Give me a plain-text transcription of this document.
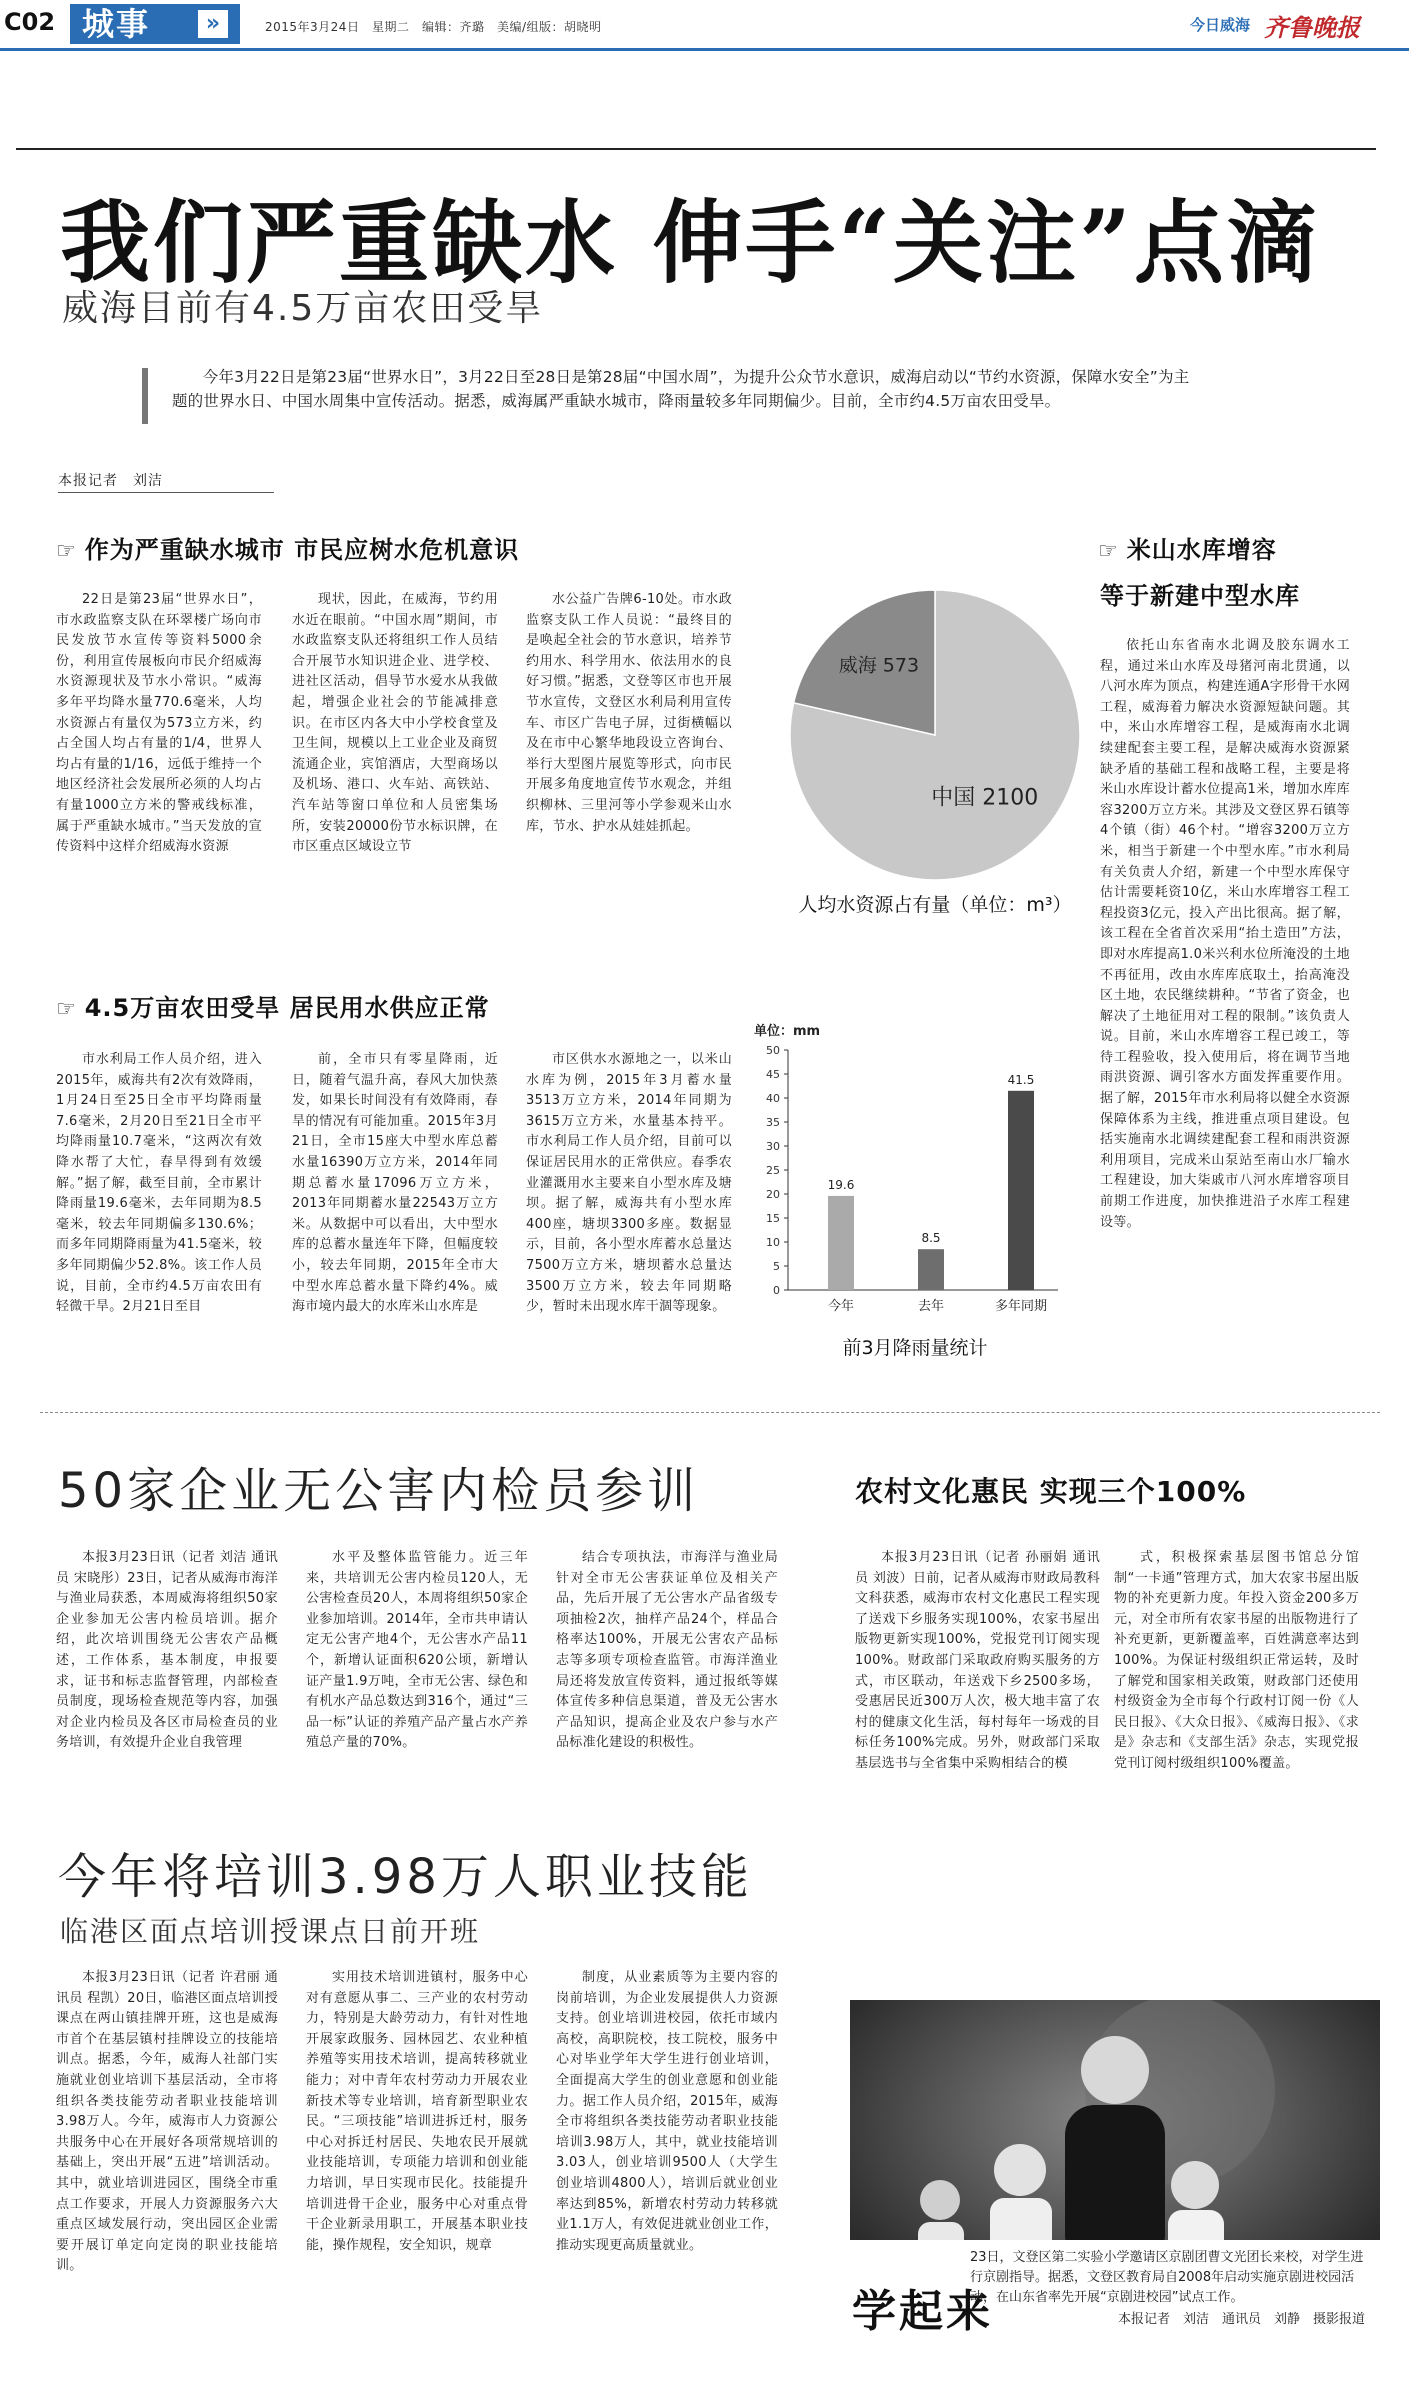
C02 城事	»	2015年3月24日　星期二　编辑：齐璐　美编/组版：胡晓明	今日威海 齐鲁晚报
我们严重缺水 伸手“关注”点滴
威海目前有4.5万亩农田受旱
今年3月22日是第23届“世界水日”，3月22日至28日是第28届“中国水周”，为提升公众节水意识，威海启动以“节约水资源，保障水安全”为主题的世界水日、中国水周集中宣传活动。据悉，威海属严重缺水城市，降雨量较多年同期偏少。目前，全市约4.5万亩农田受旱。
本报记者　刘洁
☞ 作为严重缺水城市 市民应树水危机意识

22日是第23届“世界水日”，市水政监察支队在环翠楼广场向市民发放节水宣传等资料5000余份，利用宣传展板向市民介绍威海水资源现状及节水小常识。“威海多年平均降水量770.6毫米，人均水资源占有量仅为573立方米，约占全国人均占有量的1/4，世界人均占有量的1/16，远低于维持一个地区经济社会发展所必须的人均占有量1000立方米的警戒线标准，属于严重缺水城市。”当天发放的宣传资料中这样介绍威海水资源

现状，因此，在威海，节约用水近在眼前。“中国水周”期间，市水政监察支队还将组织工作人员结合开展节水知识进企业、进学校、进社区活动，倡导节水爱水从我做起，增强企业社会的节能减排意识。在市区内各大中小学校食堂及卫生间，规模以上工业企业及商贸流通企业，宾馆酒店，大型商场以及机场、港口、火车站、高铁站、汽车站等窗口单位和人员密集场所，安装20000份节水标识牌，在市区重点区域设立节

水公益广告牌6-10处。市水政监察支队工作人员说：“最终目的是唤起全社会的节水意识，培养节约用水、科学用水、依法用水的良好习惯。”据悉，文登等区市也开展节水宣传，文登区水利局利用宣传车、市区广告电子屏，过街横幅以及在市中心繁华地段设立咨询台、举行大型图片展览等形式，向市民开展多角度地宣传节水观念，并组织柳林、三里河等小学参观米山水库，节水、护水从娃娃抓起。

中国 2100
威海 573
人均水资源占有量（单位：m³）
☞ 4.5万亩农田受旱 居民用水供应正常

市水利局工作人员介绍，进入2015年，威海共有2次有效降雨，1月24日至25日全市平均降雨量7.6毫米，2月20日至21日全市平均降雨量10.7毫米，“这两次有效降水帮了大忙，春旱得到有效缓解。”据了解，截至目前，全市累计降雨量19.6毫米，去年同期为8.5毫米，较去年同期偏多130.6%；而多年同期降雨量为41.5毫米，较多年同期偏少52.8%。该工作人员说，目前，全市约4.5万亩农田有轻微干旱。2月21日至目

前，全市只有零星降雨，近日，随着气温升高，春风大加快蒸发，如果长时间没有有效降雨，春旱的情况有可能加重。2015年3月21日，全市15座大中型水库总蓄水量16390万立方米，2014年同期总蓄水量17096万立方米，2013年同期蓄水量22543万立方米。从数据中可以看出，大中型水库的总蓄水量连年下降，但幅度较小，较去年同期，2015年全市大中型水库总蓄水量下降约4%。威海市境内最大的水库米山水库是

市区供水水源地之一，以米山水库为例，2015年3月蓄水量3513万立方米，2014年同期为3615万立方米，水量基本持平。市水利局工作人员介绍，目前可以保证居民用水的正常供应。春季农业灌溉用水主要来自小型水库及塘坝。据了解，威海共有小型水库400座，塘坝3300多座。数据显示，目前，各小型水库蓄水总量达7500万立方米，塘坝蓄水总量达3500万立方米，较去年同期略少，暂时未出现水库干涸等现象。

单位：mm
0
5
10
15
20
25
30
35
40
45
50
19.6
今年
8.5
去年
41.5
多年同期
前3月降雨量统计
☞ 米山水库增容
等于新建中型水库

依托山东省南水北调及胶东调水工程，通过米山水库及母猪河南北贯通，以八河水库为顶点，构建连通A字形骨干水网工程，威海着力解决水资源短缺问题。其中，米山水库增容工程，是威海南水北调续建配套主要工程，是解决威海水资源紧缺矛盾的基础工程和战略工程，主要是将米山水库设计蓄水位提高1米，增加水库库容3200万立方米。其涉及文登区界石镇等4个镇（街）46个村。“增容3200万立方米，相当于新建一个中型水库。”市水利局有关负责人介绍，新建一个中型水库保守估计需要耗资10亿，米山水库增容工程工程投资3亿元，投入产出比很高。据了解，该工程在全省首次采用“抬土造田”方法，即对水库提高1.0米兴利水位所淹没的土地不再征用，改由水库库底取土，抬高淹没区土地，农民继续耕种。“节省了资金，也解决了土地征用对工程的限制。”该负责人说。目前，米山水库增容工程已竣工，等待工程验收，投入使用后，将在调节当地雨洪资源、调引客水方面发挥重要作用。据了解，2015年市水利局将以健全水资源保障体系为主线，推进重点项目建设。包括实施南水北调续建配套工程和雨洪资源利用项目，完成米山泵站至南山水厂输水工程建设，加大柒戚市八河水库增容项目前期工作进度，加快推进沿子水库工程建设等。

50家企业无公害内检员参训

本报3月23日讯（记者 刘洁 通讯员 宋晓彤）23日，记者从威海市海洋与渔业局获悉，本周威海将组织50家企业参加无公害内检员培训。据介绍，此次培训围绕无公害农产品概述，工作体系，基本制度，申报要求，证书和标志监督管理，内部检查员制度，现场检查规范等内容，加强对企业内检员及各区市局检查员的业务培训，有效提升企业自我管理

水平及整体监管能力。近三年来，共培训无公害内检员120人，无公害检查员20人，本周将组织50家企业参加培训。2014年，全市共申请认定无公害产地4个，无公害水产品11个，新增认证面积620公顷，新增认证产量1.9万吨，全市无公害、绿色和有机水产品总数达到316个，通过“三品一标”认证的养殖产品产量占水产养殖总产量的70%。

结合专项执法，市海洋与渔业局针对全市无公害获证单位及相关产品，先后开展了无公害水产品省级专项抽检2次，抽样产品24个，样品合格率达100%，开展无公害农产品标志等多项专项检查监管。市海洋渔业局还将发放宣传资料，通过报纸等媒体宣传多种信息渠道，普及无公害水产品知识，提高企业及农户参与水产品标准化建设的积极性。

农村文化惠民 实现三个100%

本报3月23日讯（记者 孙丽娟 通讯员 刘波）日前，记者从威海市财政局教科文科获悉，威海市农村文化惠民工程实现了送戏下乡服务实现100%，农家书屋出版物更新实现100%，党报党刊订阅实现100%。财政部门采取政府购买服务的方式，市区联动，年送戏下乡2500多场，受惠居民近300万人次，极大地丰富了农村的健康文化生活，每村每年一场戏的目标任务100%完成。另外，财政部门采取基层选书与全省集中采购相结合的模

式，积极探索基层图书馆总分馆制“一卡通”管理方式，加大农家书屋出版物的补充更新力度。年投入资金200多万元，对全市所有农家书屋的出版物进行了补充更新，更新覆盖率，百姓满意率达到100%。为保证村级组织正常运转，及时了解党和国家相关政策，财政部门还使用村级资金为全市每个行政村订阅一份《人民日报》、《大众日报》、《威海日报》、《求是》杂志和《支部生活》杂志，实现党报党刊订阅村级组织100%覆盖。

今年将培训3.98万人职业技能
临港区面点培训授课点日前开班

本报3月23日讯（记者 许君丽 通讯员 程凯）20日，临港区面点培训授课点在两山镇挂牌开班，这也是威海市首个在基层镇村挂牌设立的技能培训点。据悉，今年，威海人社部门实施就业创业培训下基层活动，全市将组织各类技能劳动者职业技能培训3.98万人。今年，威海市人力资源公共服务中心在开展好各项常规培训的基础上，突出开展“五进”培训活动。其中，就业培训进园区，围绕全市重点工作要求，开展人力资源服务六大重点区域发展行动，突出园区企业需要开展订单定向定岗的职业技能培训。

实用技术培训进镇村，服务中心对有意愿从事二、三产业的农村劳动力，特别是大龄劳动力，有针对性地开展家政服务、园林园艺、农业种植养殖等实用技术培训，提高转移就业能力；对中青年农村劳动力开展农业新技术等专业培训，培育新型职业农民。“三项技能”培训进拆迁村，服务中心对拆迁村居民、失地农民开展就业技能培训，专项能力培训和创业能力培训，早日实现市民化。技能提升培训进骨干企业，服务中心对重点骨干企业新录用职工，开展基本职业技能，操作规程，安全知识，规章

制度，从业素质等为主要内容的岗前培训，为企业发展提供人力资源支持。创业培训进校园，依托市域内高校，高职院校，技工院校，服务中心对毕业学年大学生进行创业培训，全面提高大学生的创业意愿和创业能力。据工作人员介绍，2015年，威海全市将组织各类技能劳动者职业技能培训3.98万人，其中，就业技能培训3.03人，创业培训9500人（大学生创业培训4800人），培训后就业创业率达到85%，新增农村劳动力转移就业1.1万人，有效促进就业创业工作，推动实现更高质量就业。

学起来
23日，文登区第二实验小学邀请区京剧团曹文光团长来校，对学生进行京剧指导。据悉，文登区教育局自2008年启动实施京剧进校园活动，在山东省率先开展“京剧进校园”试点工作。
本报记者　刘洁　通讯员　刘静　摄影报道
